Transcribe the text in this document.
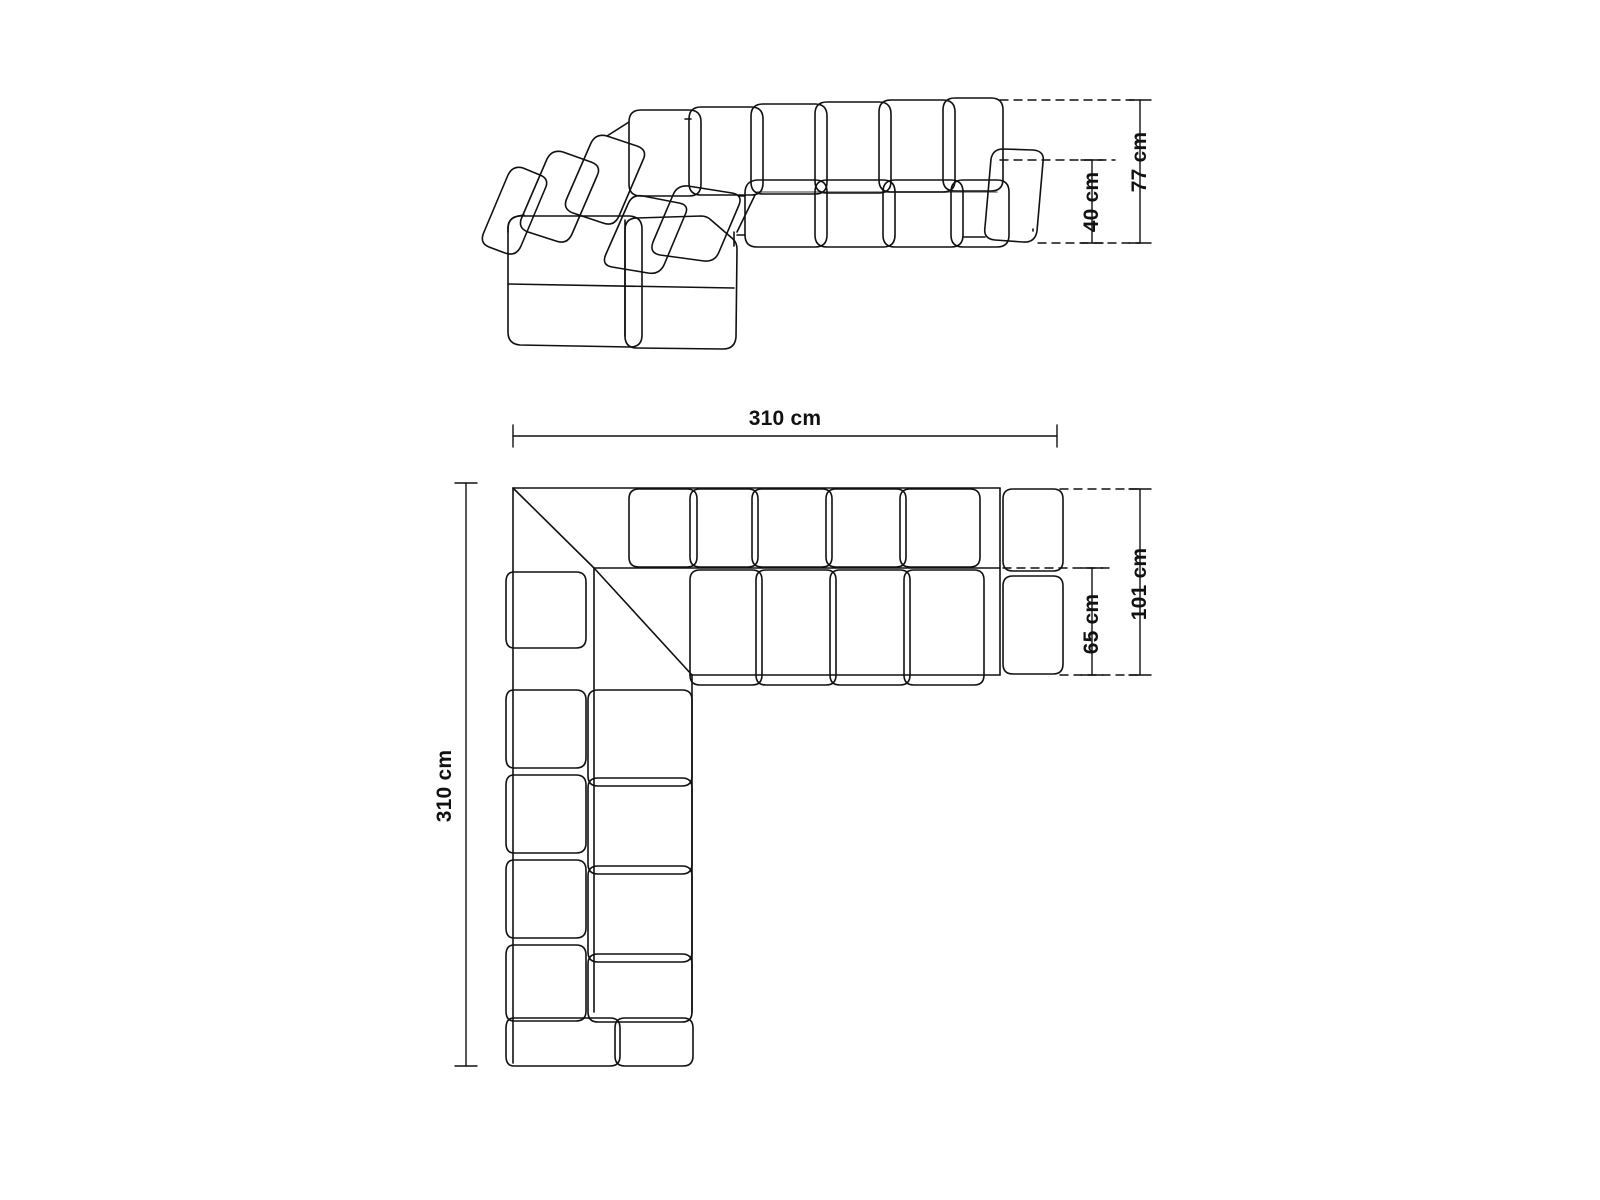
77 cm
40 cm
310 cm
310 cm
101 cm
65 cm
